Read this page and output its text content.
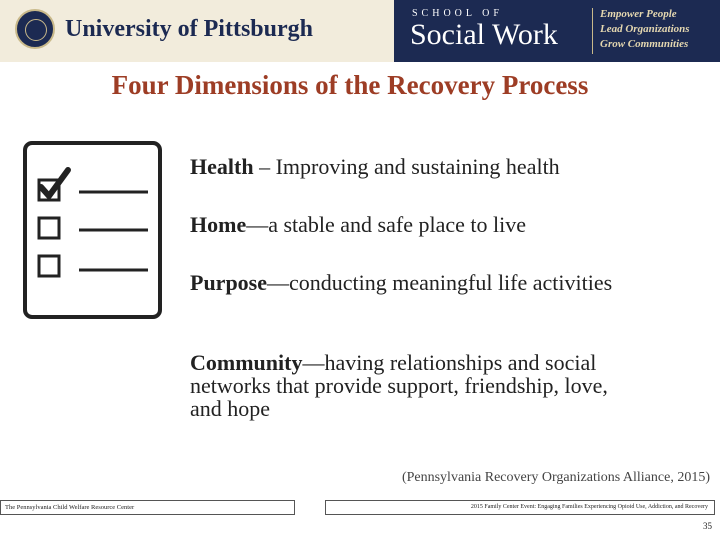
University of Pittsburgh
SCHOOL OF
Social Work
Empower People
Lead Organizations
Grow Communities
Four Dimensions of the Recovery Process
Health – Improving and sustaining health
Home—a stable and safe place to live
Purpose—conducting meaningful life activities
Community—having relationships and social networks that provide support, friendship, love, and hope
(Pennsylvania Recovery Organizations Alliance, 2015)
The Pennsylvania Child Welfare Resource Center	2015 Family Center Event: Engaging Families Experiencing Opioid Use, Addiction, and Recovery
35
